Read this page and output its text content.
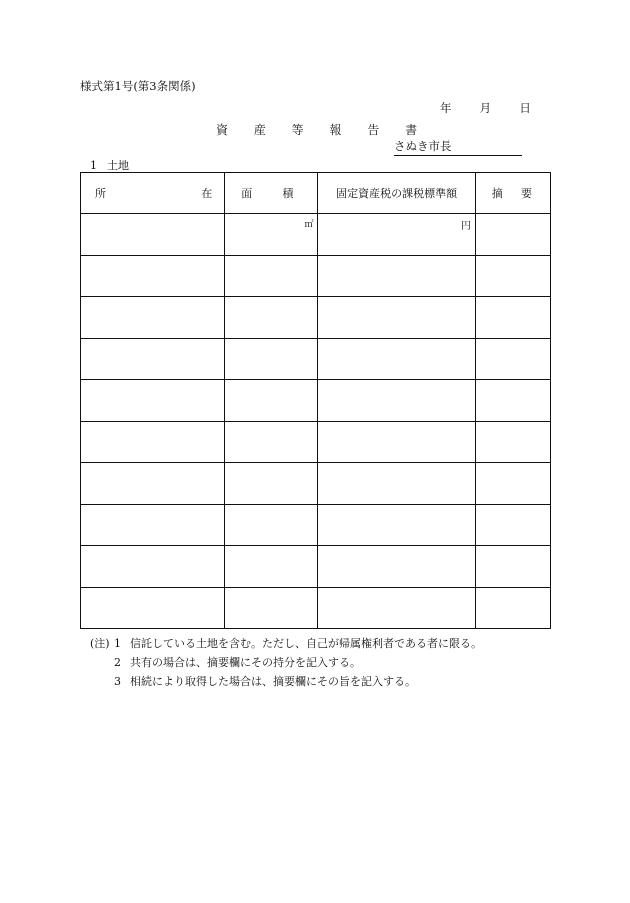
様式第1号(第3条関係)
年 月 日
資 産 等 報 告 書
さぬき市長
1 土地
所 在	面 積	固定資産税の課税標準額	摘 要

	㎡	円	

(注) 1 信託している土地を含む。ただし、自己が帰属権利者である者に限る。
2 共有の場合は、摘要欄にその持分を記入する。
3 相続により取得した場合は、摘要欄にその旨を記入する。
